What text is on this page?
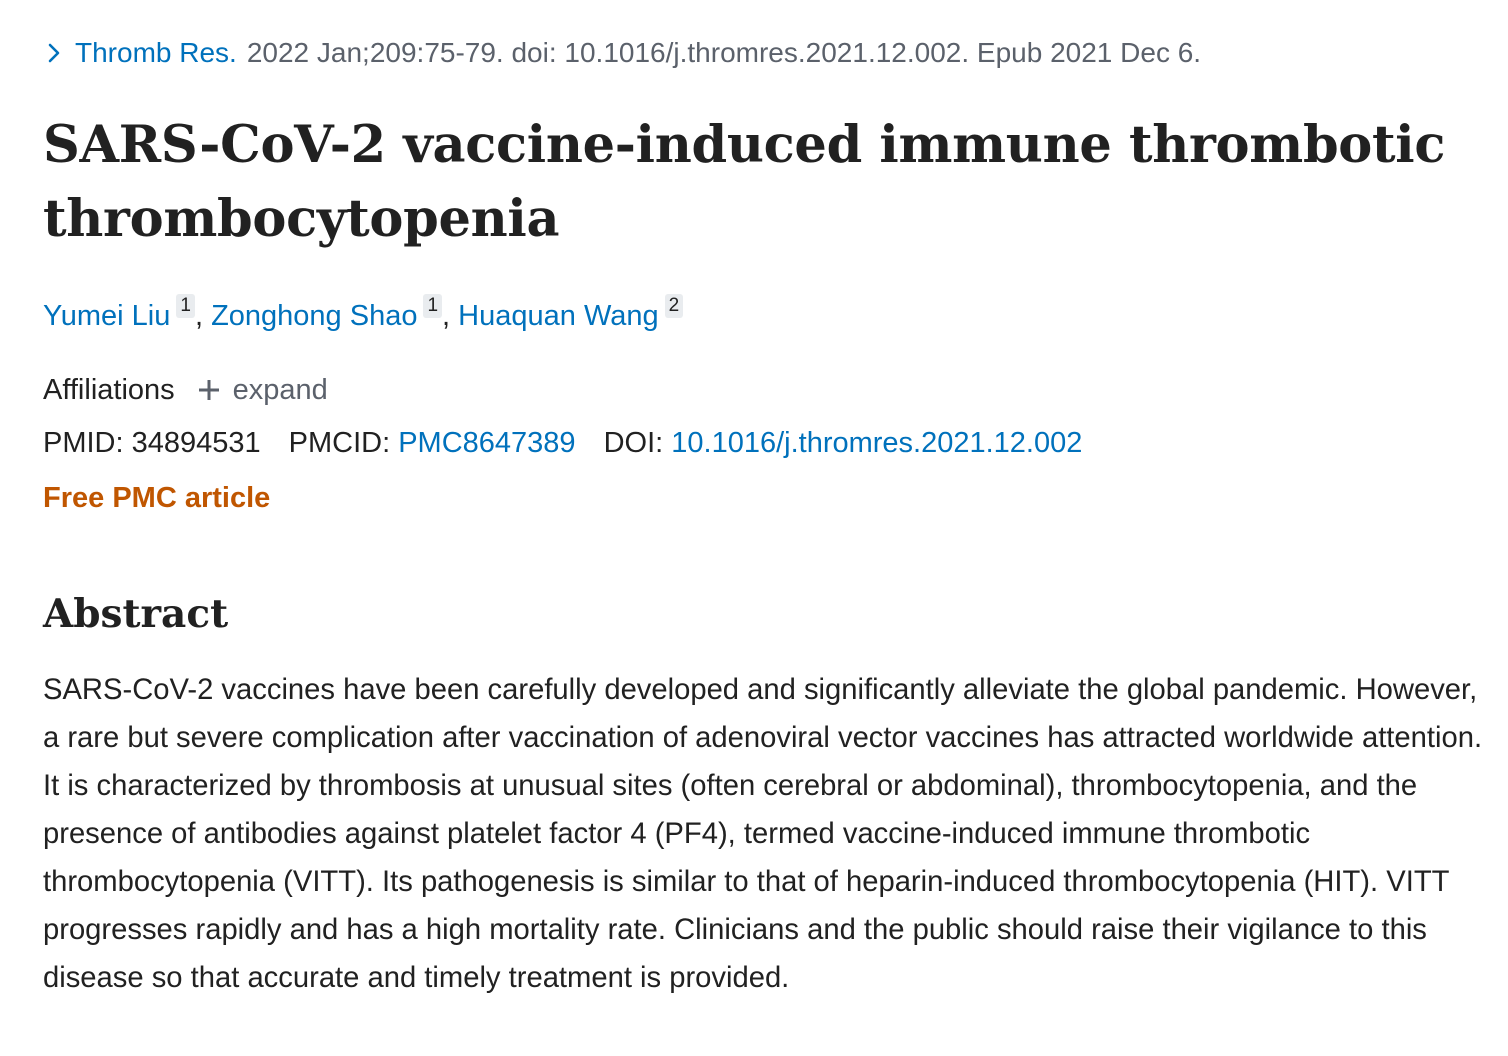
Thromb Res. 2022 Jan;209:75-79. doi: 10.1016/j.thromres.2021.12.002. Epub 2021 Dec 6.
SARS-CoV-2 vaccine-induced immune thrombotic thrombocytopenia
Yumei Liu 1 ,
Zonghong Shao 1 ,
Huaquan Wang 2
Affiliations expand
PMID: 34894531 PMCID: PMC8647389 DOI: 10.1016/j.thromres.2021.12.002
Free PMC article
Abstract

SARS-CoV-2 vaccines have been carefully developed and significantly alleviate the global pandemic. However, a rare but severe complication after vaccination of adenoviral vector vaccines has attracted worldwide attention. It is characterized by thrombosis at unusual sites (often cerebral or abdominal), thrombocytopenia, and the presence of antibodies against platelet factor 4 (PF4), termed vaccine-induced immune thrombotic thrombocytopenia (VITT). Its pathogenesis is similar to that of heparin-induced thrombocytopenia (HIT). VITT progresses rapidly and has a high mortality rate. Clinicians and the public should raise their vigilance to this disease so that accurate and timely treatment is provided.
